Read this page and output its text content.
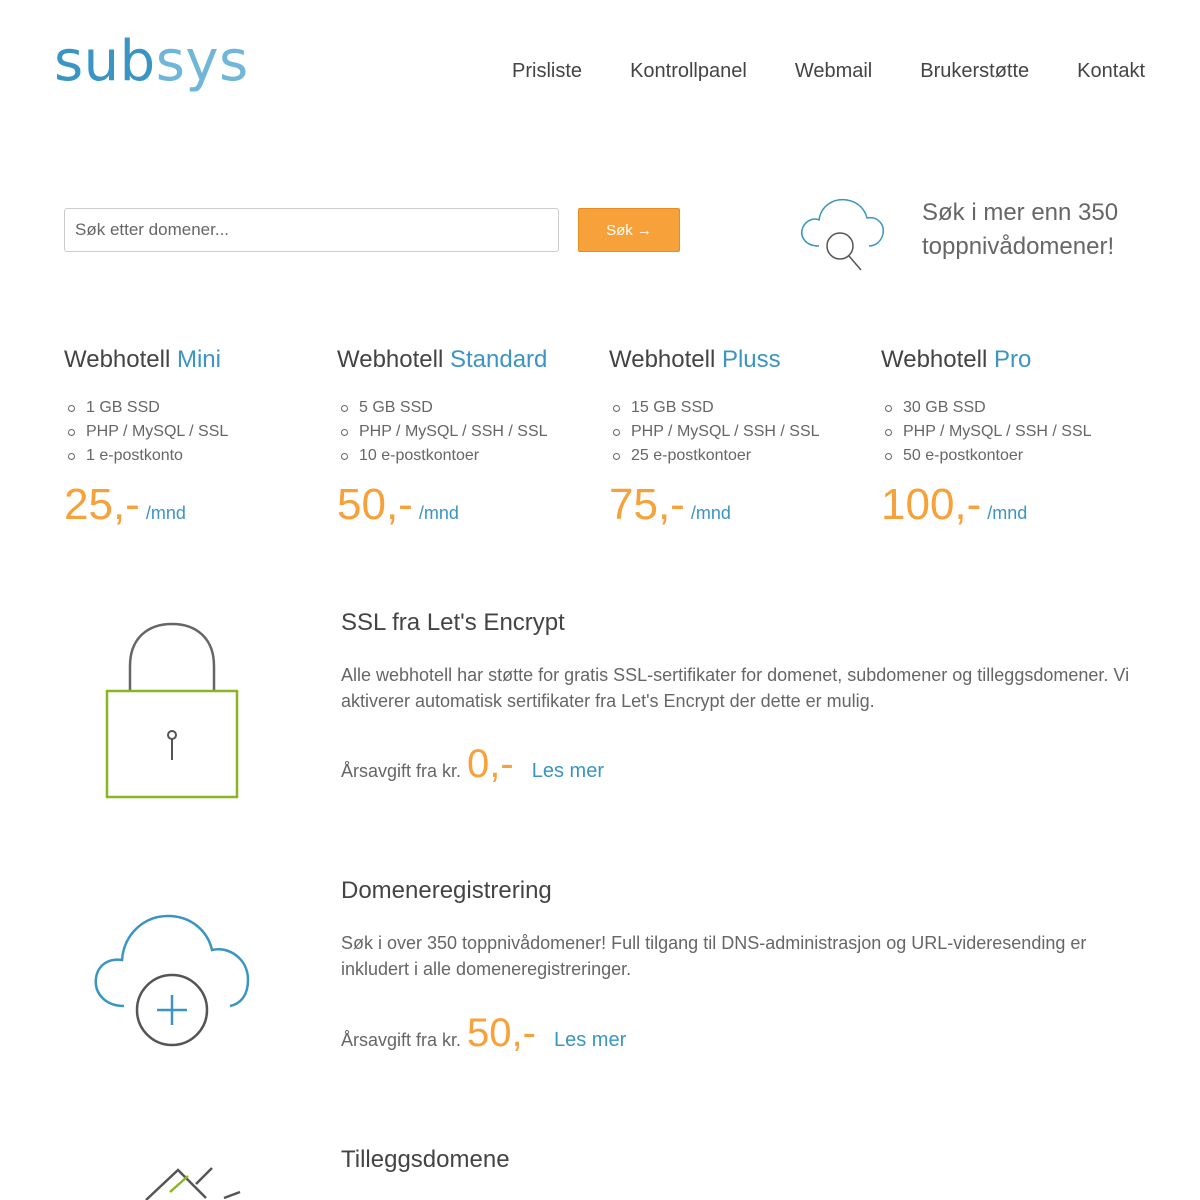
subsys	Prisliste Kontrollpanel Webmail Brukerstøtte Kontakt
Søk etter domener...
Søk →
Søk i mer enn 350
toppnivådomener!
Webhotell Mini
1 GB SSD
PHP / MySQL / SSL
1 e-postkonto
25,- /mnd
Webhotell Standard
5 GB SSD
PHP / MySQL / SSH / SSL
10 e-postkontoer
50,- /mnd
Webhotell Pluss
15 GB SSD
PHP / MySQL / SSH / SSL
25 e-postkontoer
75,- /mnd
Webhotell Pro
30 GB SSD
PHP / MySQL / SSH / SSL
50 e-postkontoer
100,- /mnd
SSL fra Let's Encrypt
Alle webhotell har støtte for gratis SSL-sertifikater for domenet, subdomener og tilleggsdomener. Vi aktiverer automatisk sertifikater fra Let's Encrypt der dette er mulig.
Årsavgift fra kr. 0,- Les mer
Domeneregistrering
Søk i over 350 toppnivådomener! Full tilgang til DNS-administrasjon og URL-videresending er inkludert i alle domeneregistreringer.
Årsavgift fra kr. 50,- Les mer
Tilleggsdomene
